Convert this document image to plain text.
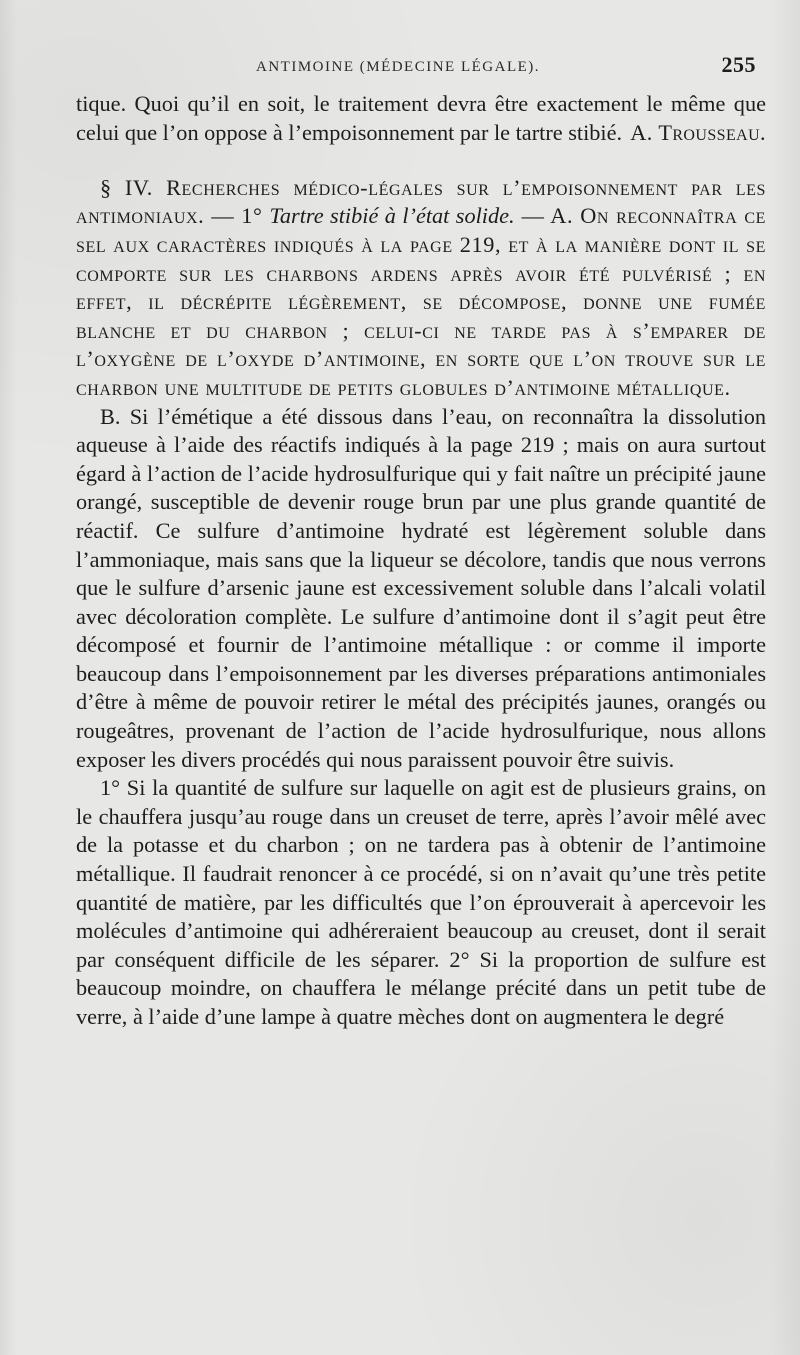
ANTIMOINE (MÉDECINE LÉGALE).	255
tique. Quoi qu’il en soit, le traitement devra être exactement le même que celui que l’on oppose à l’empoisonnement par le tartre stibié. A. Trousseau.

§ IV. Recherches médico-légales sur l’empoisonnement par les antimoniaux. — 1° Tartre stibié à l’état solide. — A. On reconnaîtra ce sel aux caractères indiqués à la page 219, et à la manière dont il se comporte sur les charbons ardens après avoir été pulvérisé ; en effet, il décrépite légèrement, se décompose, donne une fumée blanche et du charbon ; celui-ci ne tarde pas à s’emparer de l’oxygène de l’oxyde d’antimoine, en sorte que l’on trouve sur le charbon une multitude de petits globules d’antimoine métallique.

B. Si l’émétique a été dissous dans l’eau, on reconnaîtra la dissolution aqueuse à l’aide des réactifs indiqués à la page 219 ; mais on aura surtout égard à l’action de l’acide hydrosulfurique qui y fait naître un précipité jaune orangé, susceptible de devenir rouge brun par une plus grande quantité de réactif. Ce sulfure d’antimoine hydraté est légèrement soluble dans l’ammoniaque, mais sans que la liqueur se décolore, tandis que nous verrons que le sulfure d’arsenic jaune est excessivement soluble dans l’alcali volatil avec décoloration complète. Le sulfure d’antimoine dont il s’agit peut être décomposé et fournir de l’antimoine métallique : or comme il importe beaucoup dans l’empoisonnement par les diverses préparations antimoniales d’être à même de pouvoir retirer le métal des précipités jaunes, orangés ou rougeâtres, provenant de l’action de l’acide hydrosulfurique, nous allons exposer les divers procédés qui nous paraissent pouvoir être suivis.

1° Si la quantité de sulfure sur laquelle on agit est de plusieurs grains, on le chauffera jusqu’au rouge dans un creuset de terre, après l’avoir mêlé avec de la potasse et du charbon ; on ne tardera pas à obtenir de l’antimoine métallique. Il faudrait renoncer à ce procédé, si on n’avait qu’une très petite quantité de matière, par les difficultés que l’on éprouverait à apercevoir les molécules d’antimoine qui adhéreraient beaucoup au creuset, dont il serait par conséquent difficile de les séparer. 2° Si la proportion de sulfure est beaucoup moindre, on chauffera le mélange précité dans un petit tube de verre, à l’aide d’une lampe à quatre mèches dont on augmentera le degré
